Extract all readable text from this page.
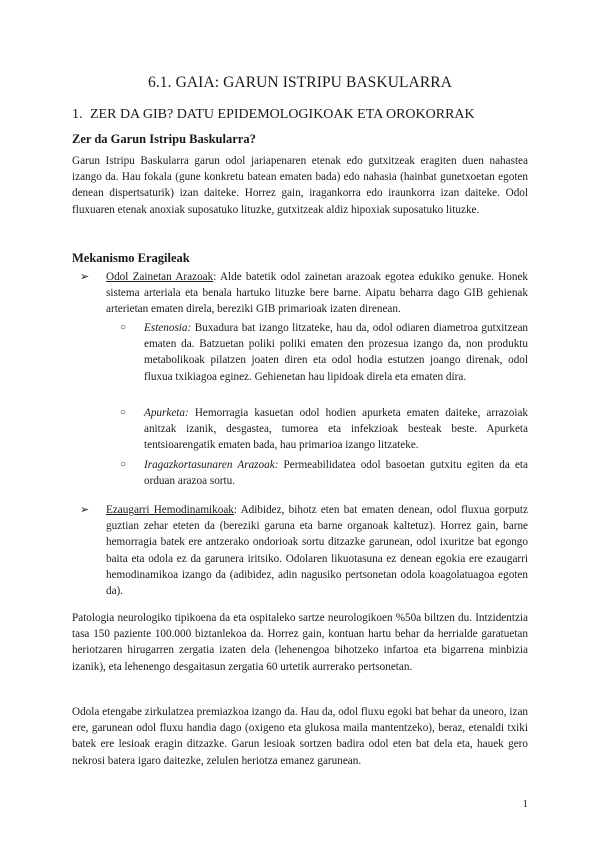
6.1. GAIA: GARUN ISTRIPU BASKULARRA
1. ZER DA GIB? DATU EPIDEMOLOGIKOAK ETA OROKORRAK
Zer da Garun Istripu Baskularra?

Garun Istripu Baskularra garun odol jariapenaren etenak edo gutxitzeak eragiten duen nahastea izango da. Hau fokala (gune konkretu batean ematen bada) edo nahasia (hainbat gunetxoetan egoten denean dispertsaturik) izan daiteke. Horrez gain, iragankorra edo iraunkorra izan daiteke. Odol fluxuaren etenak anoxiak suposatuko lituzke, gutxitzeak aldiz hipoxiak suposatuko lituzke.

Mekanismo Eragileak
➢ Odol Zainetan Arazoak: Alde batetik odol zainetan arazoak egotea edukiko genuke. Honek sistema arteriala eta benala hartuko lituzke bere barne. Aipatu beharra dago GIB gehienak arterietan ematen direla, bereziki GIB primarioak izaten direnean.
○ Estenosia: Buxadura bat izango litzateke, hau da, odol odiaren diametroa gutxitzean ematen da. Batzuetan poliki poliki ematen den prozesua izango da, non produktu metabolikoak pilatzen joaten diren eta odol hodia estutzen joango direnak, odol fluxua txikiagoa eginez. Gehienetan hau lipidoak direla eta ematen dira.
○ Apurketa: Hemorragia kasuetan odol hodien apurketa ematen daiteke, arrazoiak anitzak izanik, desgastea, tumorea eta infekzioak besteak beste. Apurketa tentsioarengatik ematen bada, hau primarioa izango litzateke.
○ Iragazkortasunaren Arazoak: Permeabilidatea odol basoetan gutxitu egiten da eta orduan arazoa sortu.
➢ Ezaugarri Hemodinamikoak: Adibidez, bihotz eten bat ematen denean, odol fluxua gorputz guztian zehar eteten da (bereziki garuna eta barne organoak kaltetuz). Horrez gain, barne hemorragia batek ere antzerako ondorioak sortu ditzazke garunean, odol ixuritze bat egongo baita eta odola ez da garunera iritsiko. Odolaren likuotasuna ez denean egokia ere ezaugarri hemodinamikoa izango da (adibidez, adin nagusiko pertsonetan odola koagolatuagoa egoten da).

Patologia neurologiko tipikoena da eta ospitaleko sartze neurologikoen %50a biltzen du. Intzidentzia tasa 150 paziente 100.000 biztanlekoa da. Horrez gain, kontuan hartu behar da herrialde garatuetan heriotzaren hirugarren zergatia izaten dela (lehenengoa bihotzeko infartoa eta bigarrena minbizia izanik), eta lehenengo desgaitasun zergatia 60 urtetik aurrerako pertsonetan.

Odola etengabe zirkulatzea premiazkoa izango da. Hau da, odol fluxu egoki bat behar da uneoro, izan ere, garunean odol fluxu handia dago (oxigeno eta glukosa maila mantentzeko), beraz, etenaldi txiki batek ere lesioak eragin ditzazke. Garun lesioak sortzen badira odol eten bat dela eta, hauek gero nekrosi batera igaro daitezke, zelulen heriotza emanez garunean.

1
